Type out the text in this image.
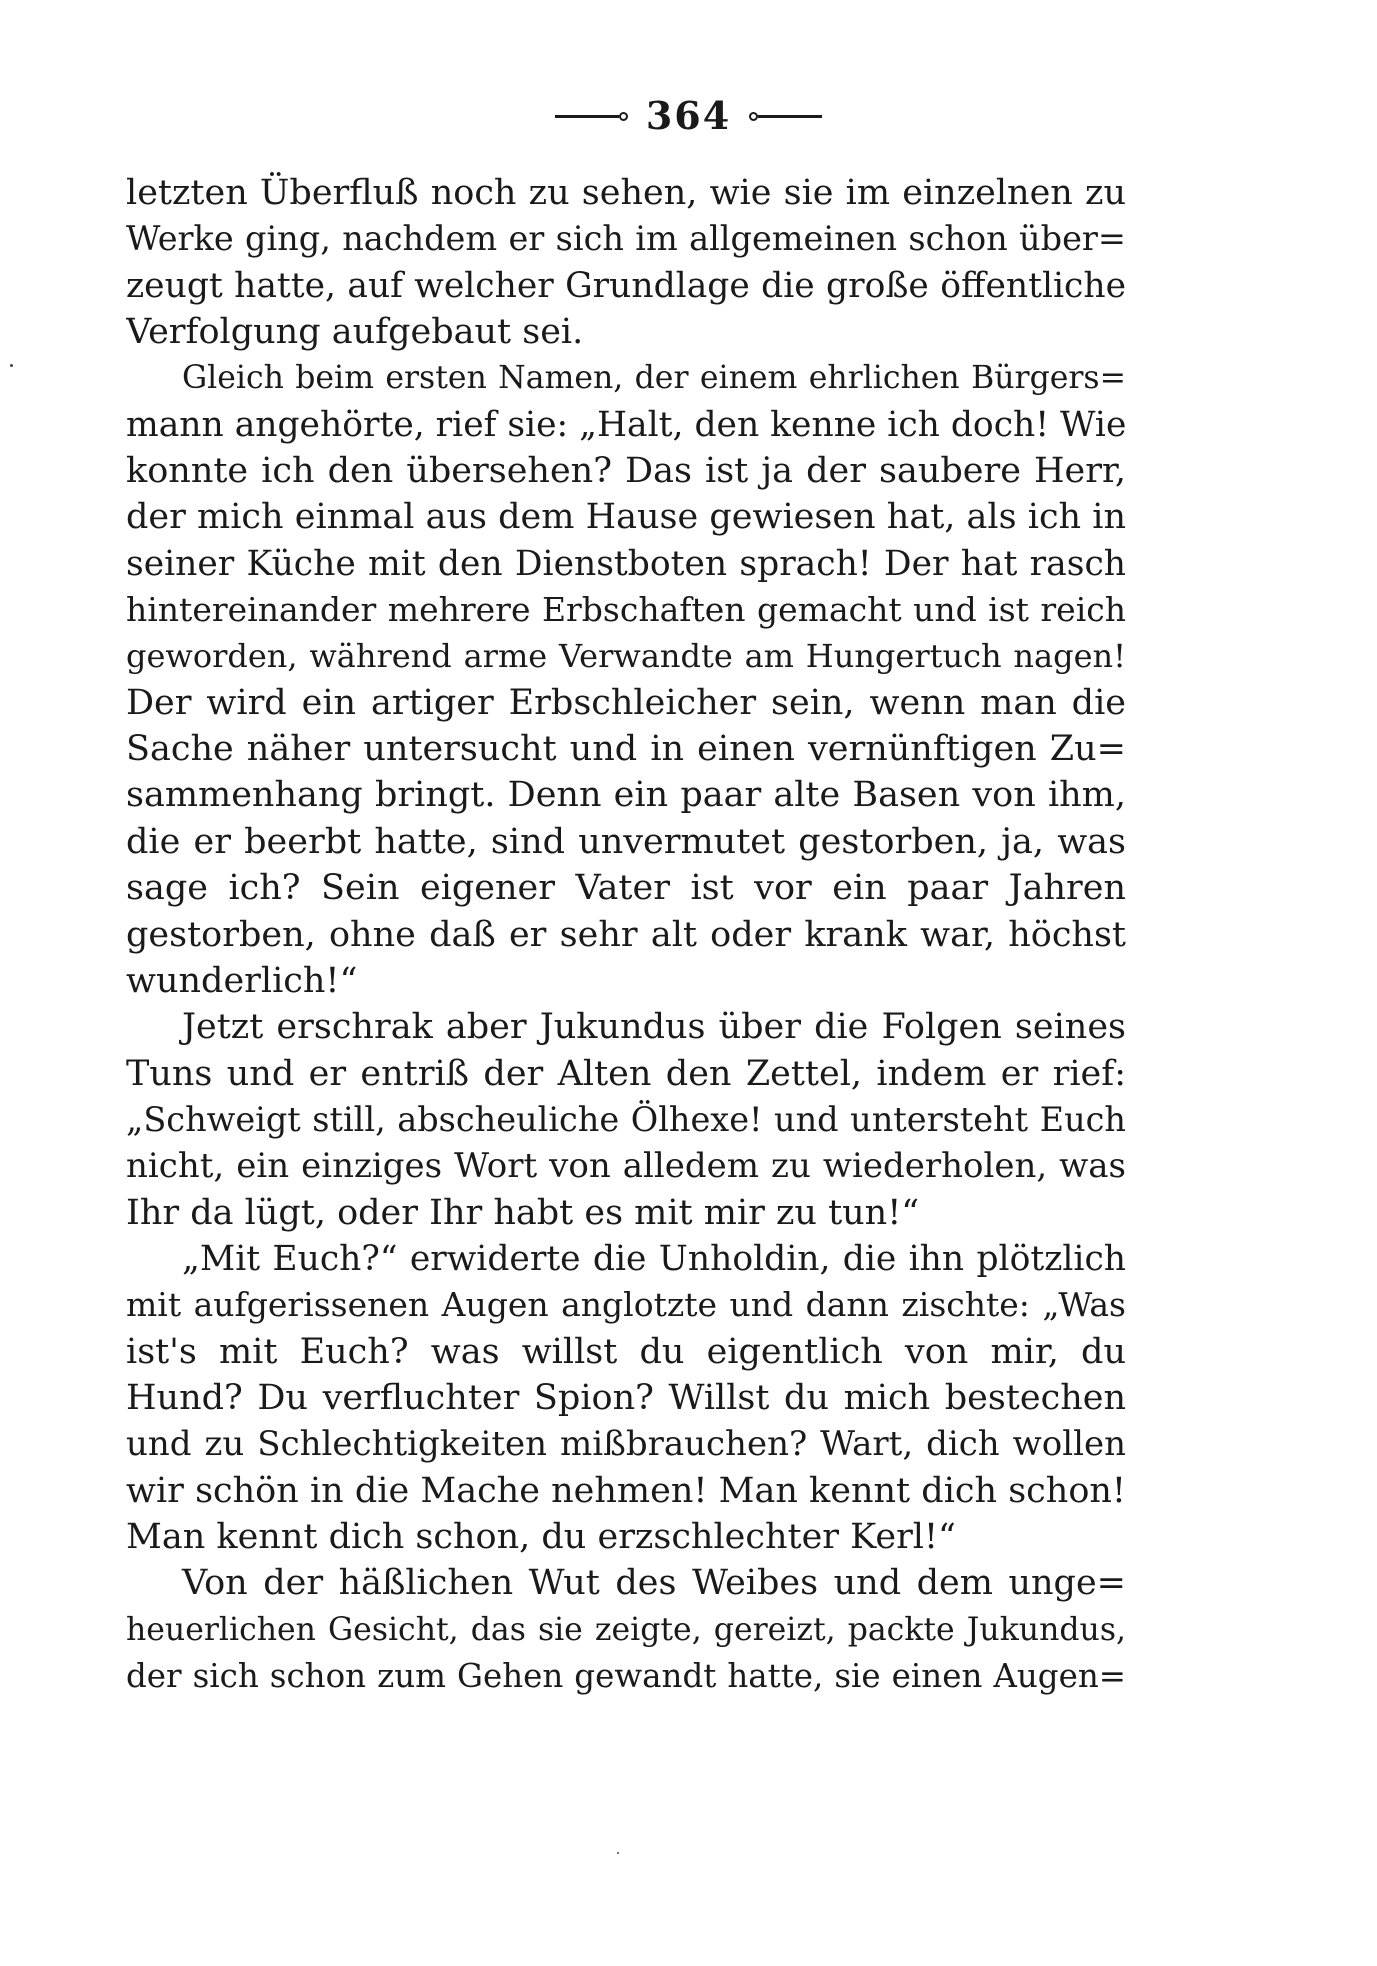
364
letzten Überfluß noch zu sehen, wie sie im einzelnen zu
Werke ging, nachdem er sich im allgemeinen schon über=
zeugt hatte, auf welcher Grundlage die große öffentliche
Verfolgung aufgebaut sei.
Gleich beim ersten Namen, der einem ehrlichen Bürgers=
mann angehörte, rief sie: „Halt, den kenne ich doch! Wie
konnte ich den übersehen? Das ist ja der saubere Herr,
der mich einmal aus dem Hause gewiesen hat, als ich in
seiner Küche mit den Dienstboten sprach! Der hat rasch
hintereinander mehrere Erbschaften gemacht und ist reich
geworden, während arme Verwandte am Hungertuch nagen!
Der wird ein artiger Erbschleicher sein, wenn man die
Sache näher untersucht und in einen vernünftigen Zu=
sammenhang bringt. Denn ein paar alte Basen von ihm,
die er beerbt hatte, sind unvermutet gestorben, ja, was
sage ich? Sein eigener Vater ist vor ein paar Jahren
gestorben, ohne daß er sehr alt oder krank war, höchst
wunderlich!“
Jetzt erschrak aber Jukundus über die Folgen seines
Tuns und er entriß der Alten den Zettel, indem er rief:
„Schweigt still, abscheuliche Ölhexe! und untersteht Euch
nicht, ein einziges Wort von alledem zu wiederholen, was
Ihr da lügt, oder Ihr habt es mit mir zu tun!“
„Mit Euch?“ erwiderte die Unholdin, die ihn plötzlich
mit aufgerissenen Augen anglotzte und dann zischte: „Was
ist's mit Euch? was willst du eigentlich von mir, du
Hund? Du verfluchter Spion? Willst du mich bestechen
und zu Schlechtigkeiten mißbrauchen? Wart, dich wollen
wir schön in die Mache nehmen! Man kennt dich schon!
Man kennt dich schon, du erzschlechter Kerl!“
Von der häßlichen Wut des Weibes und dem unge=
heuerlichen Gesicht, das sie zeigte, gereizt, packte Jukundus,
der sich schon zum Gehen gewandt hatte, sie einen Augen=
